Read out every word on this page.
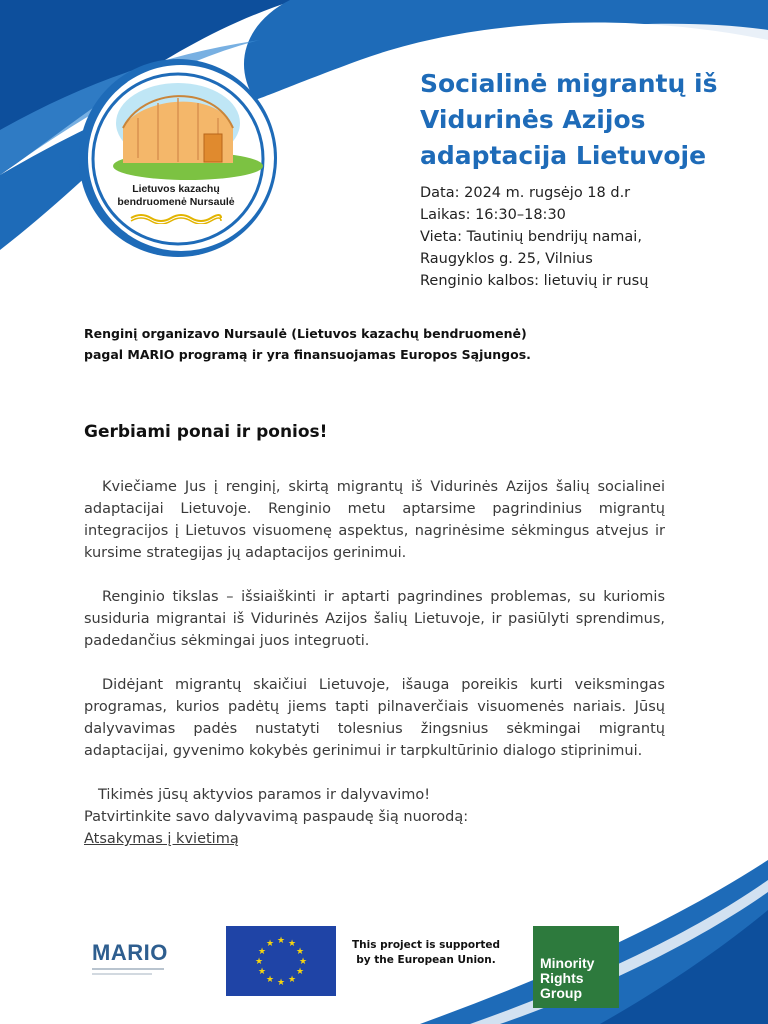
Lietuvos kazachų
bendruomenė Nursaulė
Socialinė migrantų iš
Vidurinės Azijos
adaptacija Lietuvoje
Data: 2024 m. rugsėjo 18 d.r
Laikas: 16:30–18:30
Vieta: Tautinių bendrijų namai,
Raugyklos g. 25, Vilnius
Renginio kalbos: lietuvių ir rusų
Renginį organizavo Nursaulė (Lietuvos kazachų bendruomenė)
pagal MARIO programą ir yra finansuojamas Europos Sąjungos.
Gerbiami ponai ir ponios!

Kviečiame Jus į renginį, skirtą migrantų iš Vidurinės Azijos šalių socialinei adaptacijai Lietuvoje. Renginio metu aptarsime pagrindinius migrantų integracijos į Lietuvos visuomenę aspektus, nagrinėsime sėkmingus atvejus ir kursime strategijas jų adaptacijos gerinimui.

Renginio tikslas – išsiaiškinti ir aptarti pagrindines problemas, su kuriomis susiduria migrantai iš Vidurinės Azijos šalių Lietuvoje, ir pasiūlyti sprendimus, padedančius sėkmingai juos integruoti.

Didėjant migrantų skaičiui Lietuvoje, išauga poreikis kurti veiksmingas programas, kurios padėtų jiems tapti pilnaverčiais visuomenės nariais. Jūsų dalyvavimas padės nustatyti tolesnius žingsnius sėkmingai migrantų adaptacijai, gyvenimo kokybės gerinimui ir tarpkultūrinio dialogo stiprinimui.

Tikimės jūsų aktyvios paramos ir dalyvavimo!
Patvirtinkite savo dalyvavimą paspaudę šią nuorodą:
Atsakymas į kvietimą
MARIO	★ ★
★
★
★
★
★
★
★
★
★
★	This project is supported
by the European Union.	Minority
Rights
Group
